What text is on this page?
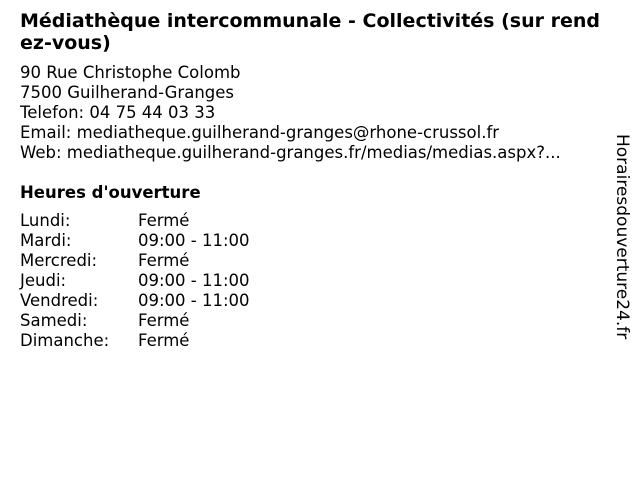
Médiathèque intercommunale - Collectivités (sur rendez-vous)
90 Rue Christophe Colomb
7500 Guilherand-Granges
Telefon: 04 75 44 03 33
Email: mediatheque.guilherand-granges@rhone-crussol.fr
Web: mediatheque.guilherand-granges.fr/medias/medias.aspx?...
Heures d'ouverture
Lundi:	Fermé
Mardi:	09:00 - 11:00
Mercredi:	Fermé
Jeudi:	09:00 - 11:00
Vendredi:	09:00 - 11:00
Samedi:	Fermé
Dimanche:	Fermé
Horairesdouverture24.fr
